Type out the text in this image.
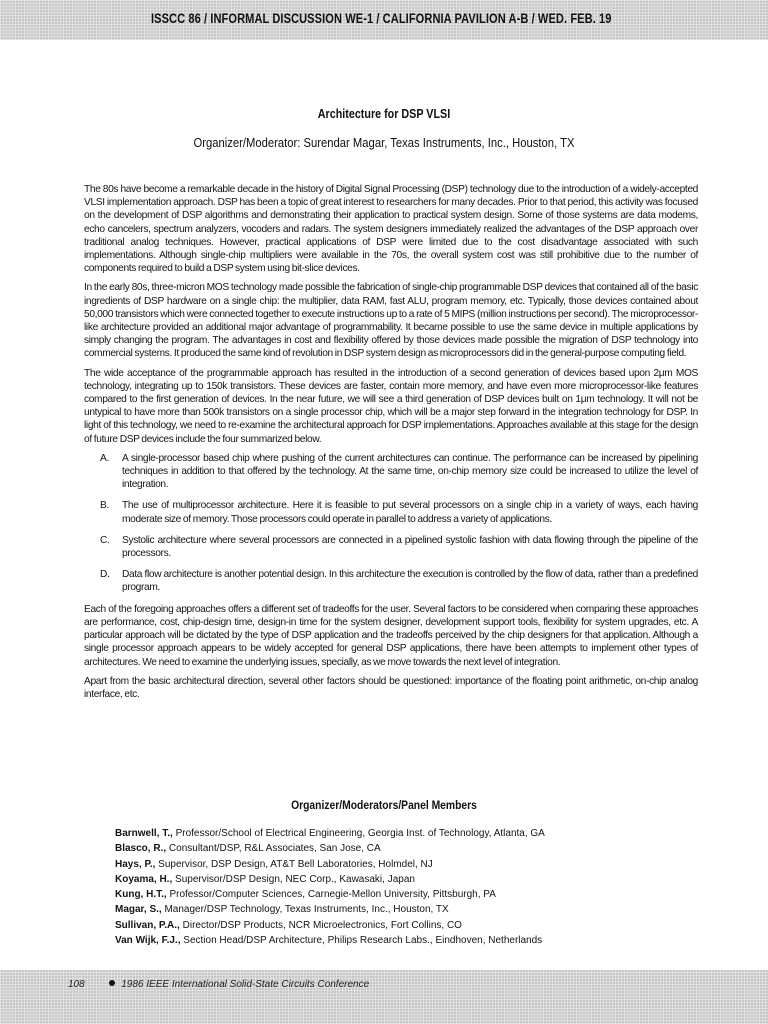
ISSCC 86 / INFORMAL DISCUSSION WE-1 / CALIFORNIA PAVILION A-B / WED. FEB. 19
Architecture for DSP VLSI
Organizer/Moderator: Surendar Magar, Texas Instruments, Inc., Houston, TX

The 80s have become a remarkable decade in the history of Digital Signal Processing (DSP) technology due to the introduction of a widely-accepted VLSI implementation approach. DSP has been a topic of great interest to researchers for many decades. Prior to that period, this activity was focused on the development of DSP algorithms and demonstrating their application to practical system design. Some of those systems are data modems, echo cancelers, spectrum analyzers, vocoders and radars. The system designers immediately realized the advantages of the DSP approach over traditional analog techniques. However, practical applications of DSP were limited due to the cost disadvantage associated with such implementations. Although single-chip multipliers were available in the 70s, the overall system cost was still prohibitive due to the number of components required to build a DSP system using bit-slice devices.

In the early 80s, three-micron MOS technology made possible the fabrication of single-chip programmable DSP devices that contained all of the basic ingredients of DSP hardware on a single chip: the multiplier, data RAM, fast ALU, program memory, etc. Typically, those devices contained about 50,000 transistors which were connected together to execute instructions up to a rate of 5 MIPS (million instructions per second). The microprocessor-like architecture provided an additional major advantage of programmability. It became possible to use the same device in multiple applications by simply changing the program. The advantages in cost and flexibility offered by those devices made possible the migration of DSP technology into commercial systems. It produced the same kind of revolution in DSP system design as microprocessors did in the general-purpose computing field.

The wide acceptance of the programmable approach has resulted in the introduction of a second generation of devices based upon 2μm MOS technology, integrating up to 150k transistors. These devices are faster, contain more memory, and have even more microprocessor-like features compared to the first generation of devices. In the near future, we will see a third generation of DSP devices built on 1μm technology. It will not be untypical to have more than 500k transistors on a single processor chip, which will be a major step forward in the integration technology for DSP. In light of this technology, we need to re-examine the architectural approach for DSP implementations. Approaches available at this stage for the design of future DSP devices include the four summarized below.

A. A single-processor based chip where pushing of the current architectures can continue. The performance can be increased by pipelining techniques in addition to that offered by the technology. At the same time, on-chip memory size could be increased to utilize the level of integration.
B. The use of multiprocessor architecture. Here it is feasible to put several processors on a single chip in a variety of ways, each having moderate size of memory. Those processors could operate in parallel to address a variety of applications.
C. Systolic architecture where several processors are connected in a pipelined systolic fashion with data flowing through the pipeline of the processors.
D. Data flow architecture is another potential design. In this architecture the execution is controlled by the flow of data, rather than a predefined program.

Each of the foregoing approaches offers a different set of tradeoffs for the user. Several factors to be considered when comparing these approaches are performance, cost, chip-design time, design-in time for the system designer, development support tools, flexibility for system upgrades, etc. A particular approach will be dictated by the type of DSP application and the tradeoffs perceived by the chip designers for that application. Although a single processor approach appears to be widely accepted for general DSP applications, there have been attempts to implement other types of architectures. We need to examine the underlying issues, specially, as we move towards the next level of integration.

Apart from the basic architectural direction, several other factors should be questioned: importance of the floating point arithmetic, on-chip analog interface, etc.

Organizer/Moderators/Panel Members
Barnwell, T., Professor/School of Electrical Engineering, Georgia Inst. of Technology, Atlanta, GA
Blasco, R., Consultant/DSP, R&L Associates, San Jose, CA
Hays, P., Supervisor, DSP Design, AT&T Bell Laboratories, Holmdel, NJ
Koyama, H., Supervisor/DSP Design, NEC Corp., Kawasaki, Japan
Kung, H.T., Professor/Computer Sciences, Carnegie-Mellon University, Pittsburgh, PA
Magar, S., Manager/DSP Technology, Texas Instruments, Inc., Houston, TX
Sullivan, P.A., Director/DSP Products, NCR Microelectronics, Fort Collins, CO
Van Wijk, F.J., Section Head/DSP Architecture, Philips Research Labs., Eindhoven, Netherlands
108	1986 IEEE International Solid-State Circuits Conference
